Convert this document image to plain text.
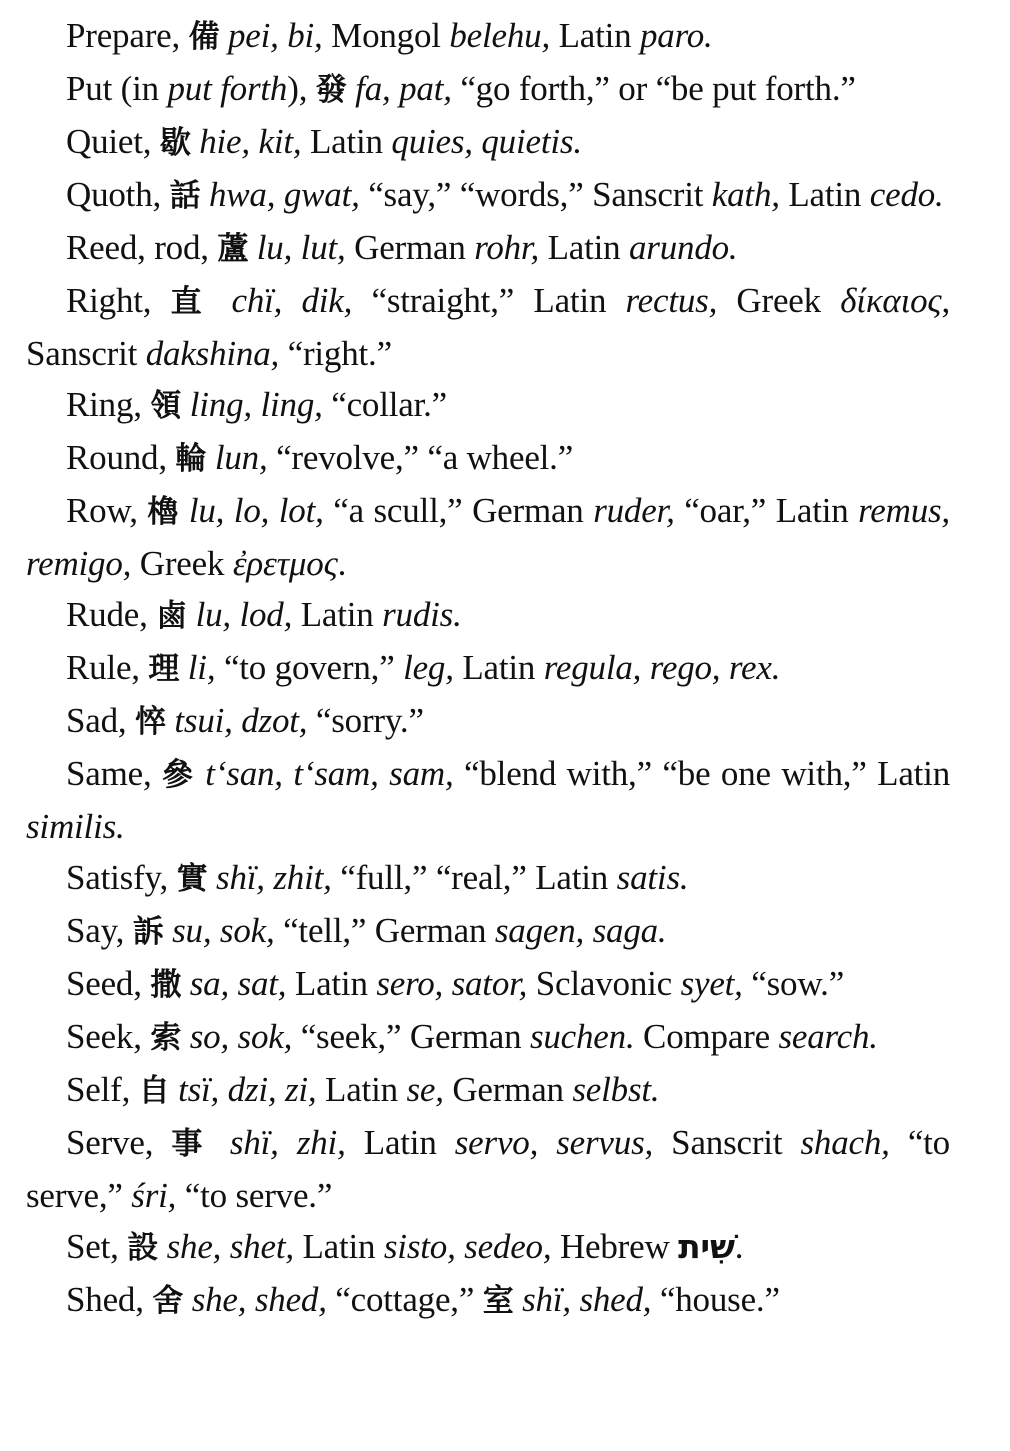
Prepare, 備 pei, bi, Mongol belehu, Latin paro.

Put (in put forth), 發 fa, pat, “go forth,” or “be put forth.”

Quiet, 歇 hie, kit, Latin quies, quietis.

Quoth, 話 hwa, gwat, “say,” “words,” Sanscrit kath, Latin cedo.

Reed, rod, 蘆 lu, lut, German rohr, Latin arundo.

Right, 直 chï, dik, “straight,” Latin rectus, Greek δίκαιος, Sanscrit dakshina, “right.”

Ring, 領 ling, ling, “collar.”

Round, 輪 lun, “revolve,” “a wheel.”

Row, 櫓 lu, lo, lot, “a scull,” German ruder, “oar,” Latin remus, remigo, Greek ἐρετμος.

Rude, 鹵 lu, lod, Latin rudis.

Rule, 理 li, “to govern,” leg, Latin regula, rego, rex.

Sad, 悴 tsui, dzot, “sorry.”

Same, 參 t‘san, t‘sam, sam, “blend with,” “be one with,” Latin similis.

Satisfy, 實 shï, zhit, “full,” “real,” Latin satis.

Say, 訴 su, sok, “tell,” German sagen, saga.

Seed, 撒 sa, sat, Latin sero, sator, Sclavonic syet, “sow.”

Seek, 索 so, sok, “seek,” German suchen. Compare search.

Self, 自 tsï, dzi, zi, Latin se, German selbst.

Serve, 事 shï, zhi, Latin servo, servus, Sanscrit shach, “to serve,” śri, “to serve.”

Set, 設 she, shet, Latin sisto, sedeo, Hebrew שִׁית.

Shed, 舍 she, shed, “cottage,” 室 shï, shed, “house.”
